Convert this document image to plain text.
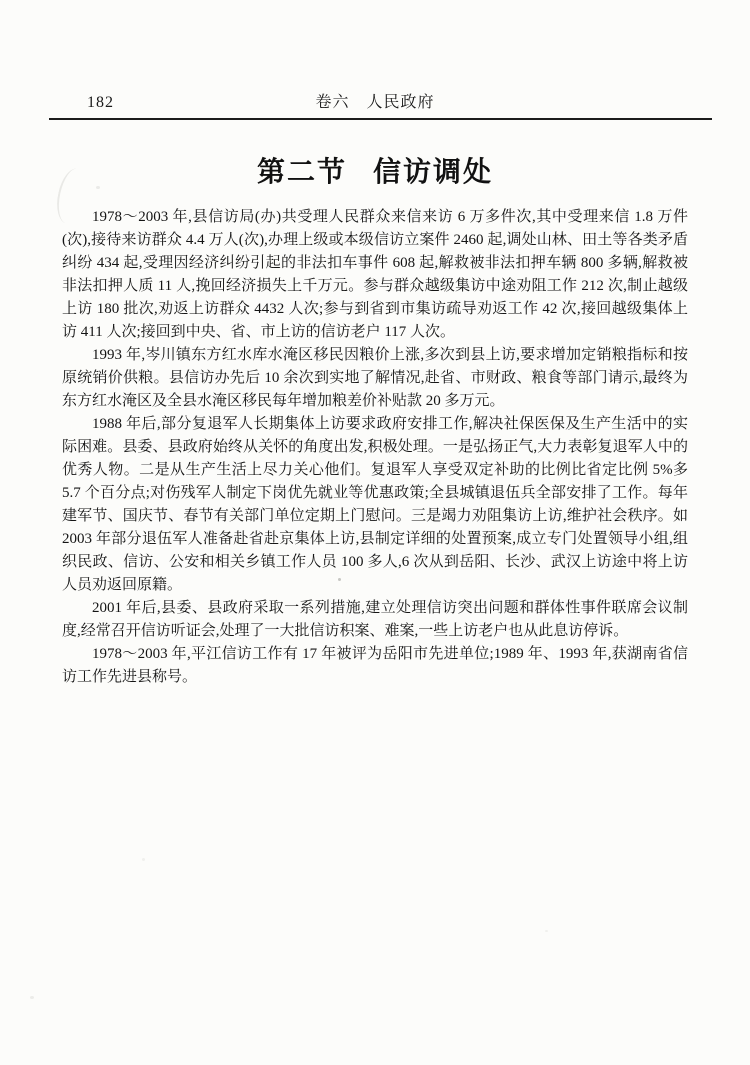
182	卷六　人民政府
第二节 信访调处

1978～2003 年,县信访局(办)共受理人民群众来信来访 6 万多件次,其中受理来信 1.8 万件(次),接待来访群众 4.4 万人(次),办理上级或本级信访立案件 2460 起,调处山林、田土等各类矛盾纠纷 434 起,受理因经济纠纷引起的非法扣车事件 608 起,解救被非法扣押车辆 800 多辆,解救被非法扣押人质 11 人,挽回经济损失上千万元。参与群众越级集访中途劝阻工作 212 次,制止越级上访 180 批次,劝返上访群众 4432 人次;参与到省到市集访疏导劝返工作 42 次,接回越级集体上访 411 人次;接回到中央、省、市上访的信访老户 117 人次。

1993 年,岑川镇东方红水库水淹区移民因粮价上涨,多次到县上访,要求增加定销粮指标和按原统销价供粮。县信访办先后 10 余次到实地了解情况,赴省、市财政、粮食等部门请示,最终为东方红水淹区及全县水淹区移民每年增加粮差价补贴款 20 多万元。

1988 年后,部分复退军人长期集体上访要求政府安排工作,解决社保医保及生产生活中的实际困难。县委、县政府始终从关怀的角度出发,积极处理。一是弘扬正气,大力表彰复退军人中的优秀人物。二是从生产生活上尽力关心他们。复退军人享受双定补助的比例比省定比例 5%多 5.7 个百分点;对伤残军人制定下岗优先就业等优惠政策;全县城镇退伍兵全部安排了工作。每年建军节、国庆节、春节有关部门单位定期上门慰问。三是竭力劝阻集访上访,维护社会秩序。如 2003 年部分退伍军人准备赴省赴京集体上访,县制定详细的处置预案,成立专门处置领导小组,组织民政、信访、公安和相关乡镇工作人员 100 多人,6 次从到岳阳、长沙、武汉上访途中将上访人员劝返回原籍。

2001 年后,县委、县政府采取一系列措施,建立处理信访突出问题和群体性事件联席会议制度,经常召开信访听证会,处理了一大批信访积案、难案,一些上访老户也从此息访停诉。

1978～2003 年,平江信访工作有 17 年被评为岳阳市先进单位;1989 年、1993 年,获湖南省信访工作先进县称号。
